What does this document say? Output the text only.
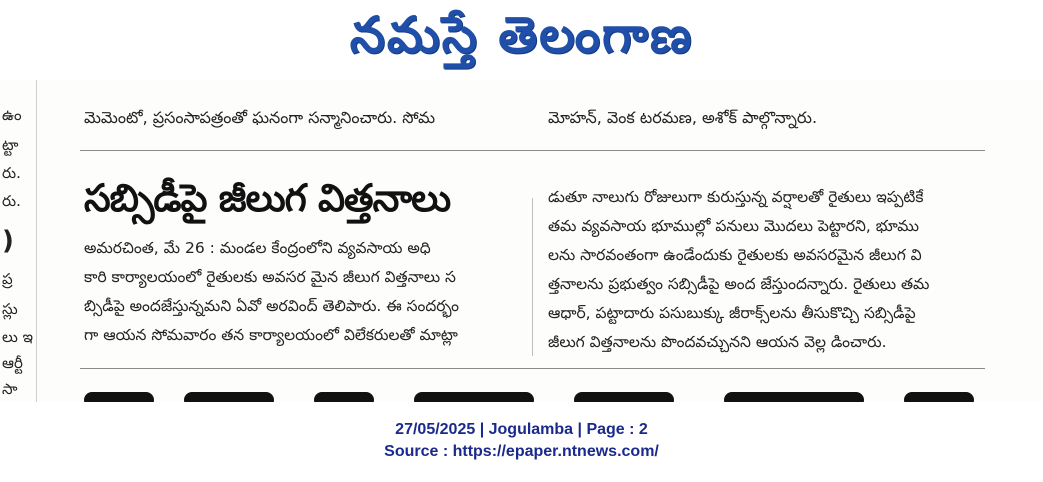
నమస్తే తెలంగాణ
ఉం
ట్టా
రు.
రు.
)
ప్ర
స్లు
లు ఇ
ఆర్టీ
సా
మెమెంటో, ప్రసంసాపత్రంతో ఘనంగా సన్మానించారు. సోమ	మోహన్, వెంక టరమణ, అశోక్ పాల్గొన్నారు.
సబ్సిడీపై జీలుగ విత్తనాలు

అమరచింత, మే 26 : మండల కేంద్రంలోని వ్యవసాయ అధి

కారి కార్యాలయంలో రైతులకు అవసర మైన జీలుగ విత్తనాలు స

బ్సిడీపై అందజేస్తున్నమని ఏవో అరవింద్ తెలిపారు. ఈ సందర్భం

గా ఆయన సోమవారం తన కార్యాలయంలో విలేకరులతో మాట్లా

డుతూ నాలుగు రోజులుగా కురుస్తున్న వర్షాలతో రైతులు ఇప్పటికే

తమ వ్యవసాయ భూముల్లో పనులు మొదలు పెట్టారని, భూము

లను సారవంతంగా ఉండేందుకు రైతులకు అవసరమైన జీలుగ వి

త్తనాలను ప్రభుత్వం సబ్సిడీపై అంద జేస్తుందన్నారు. రైతులు తమ

ఆధార్, పట్టాదారు పసుబుక్కు జీరాక్స్‌లను తీసుకొచ్చి సబ్సిడీపై

జీలుగ విత్తనాలను పొందవచ్చునని ఆయన వెల్ల డించారు.

27/05/2025 | Jogulamba | Page : 2
Source : https://epaper.ntnews.com/
